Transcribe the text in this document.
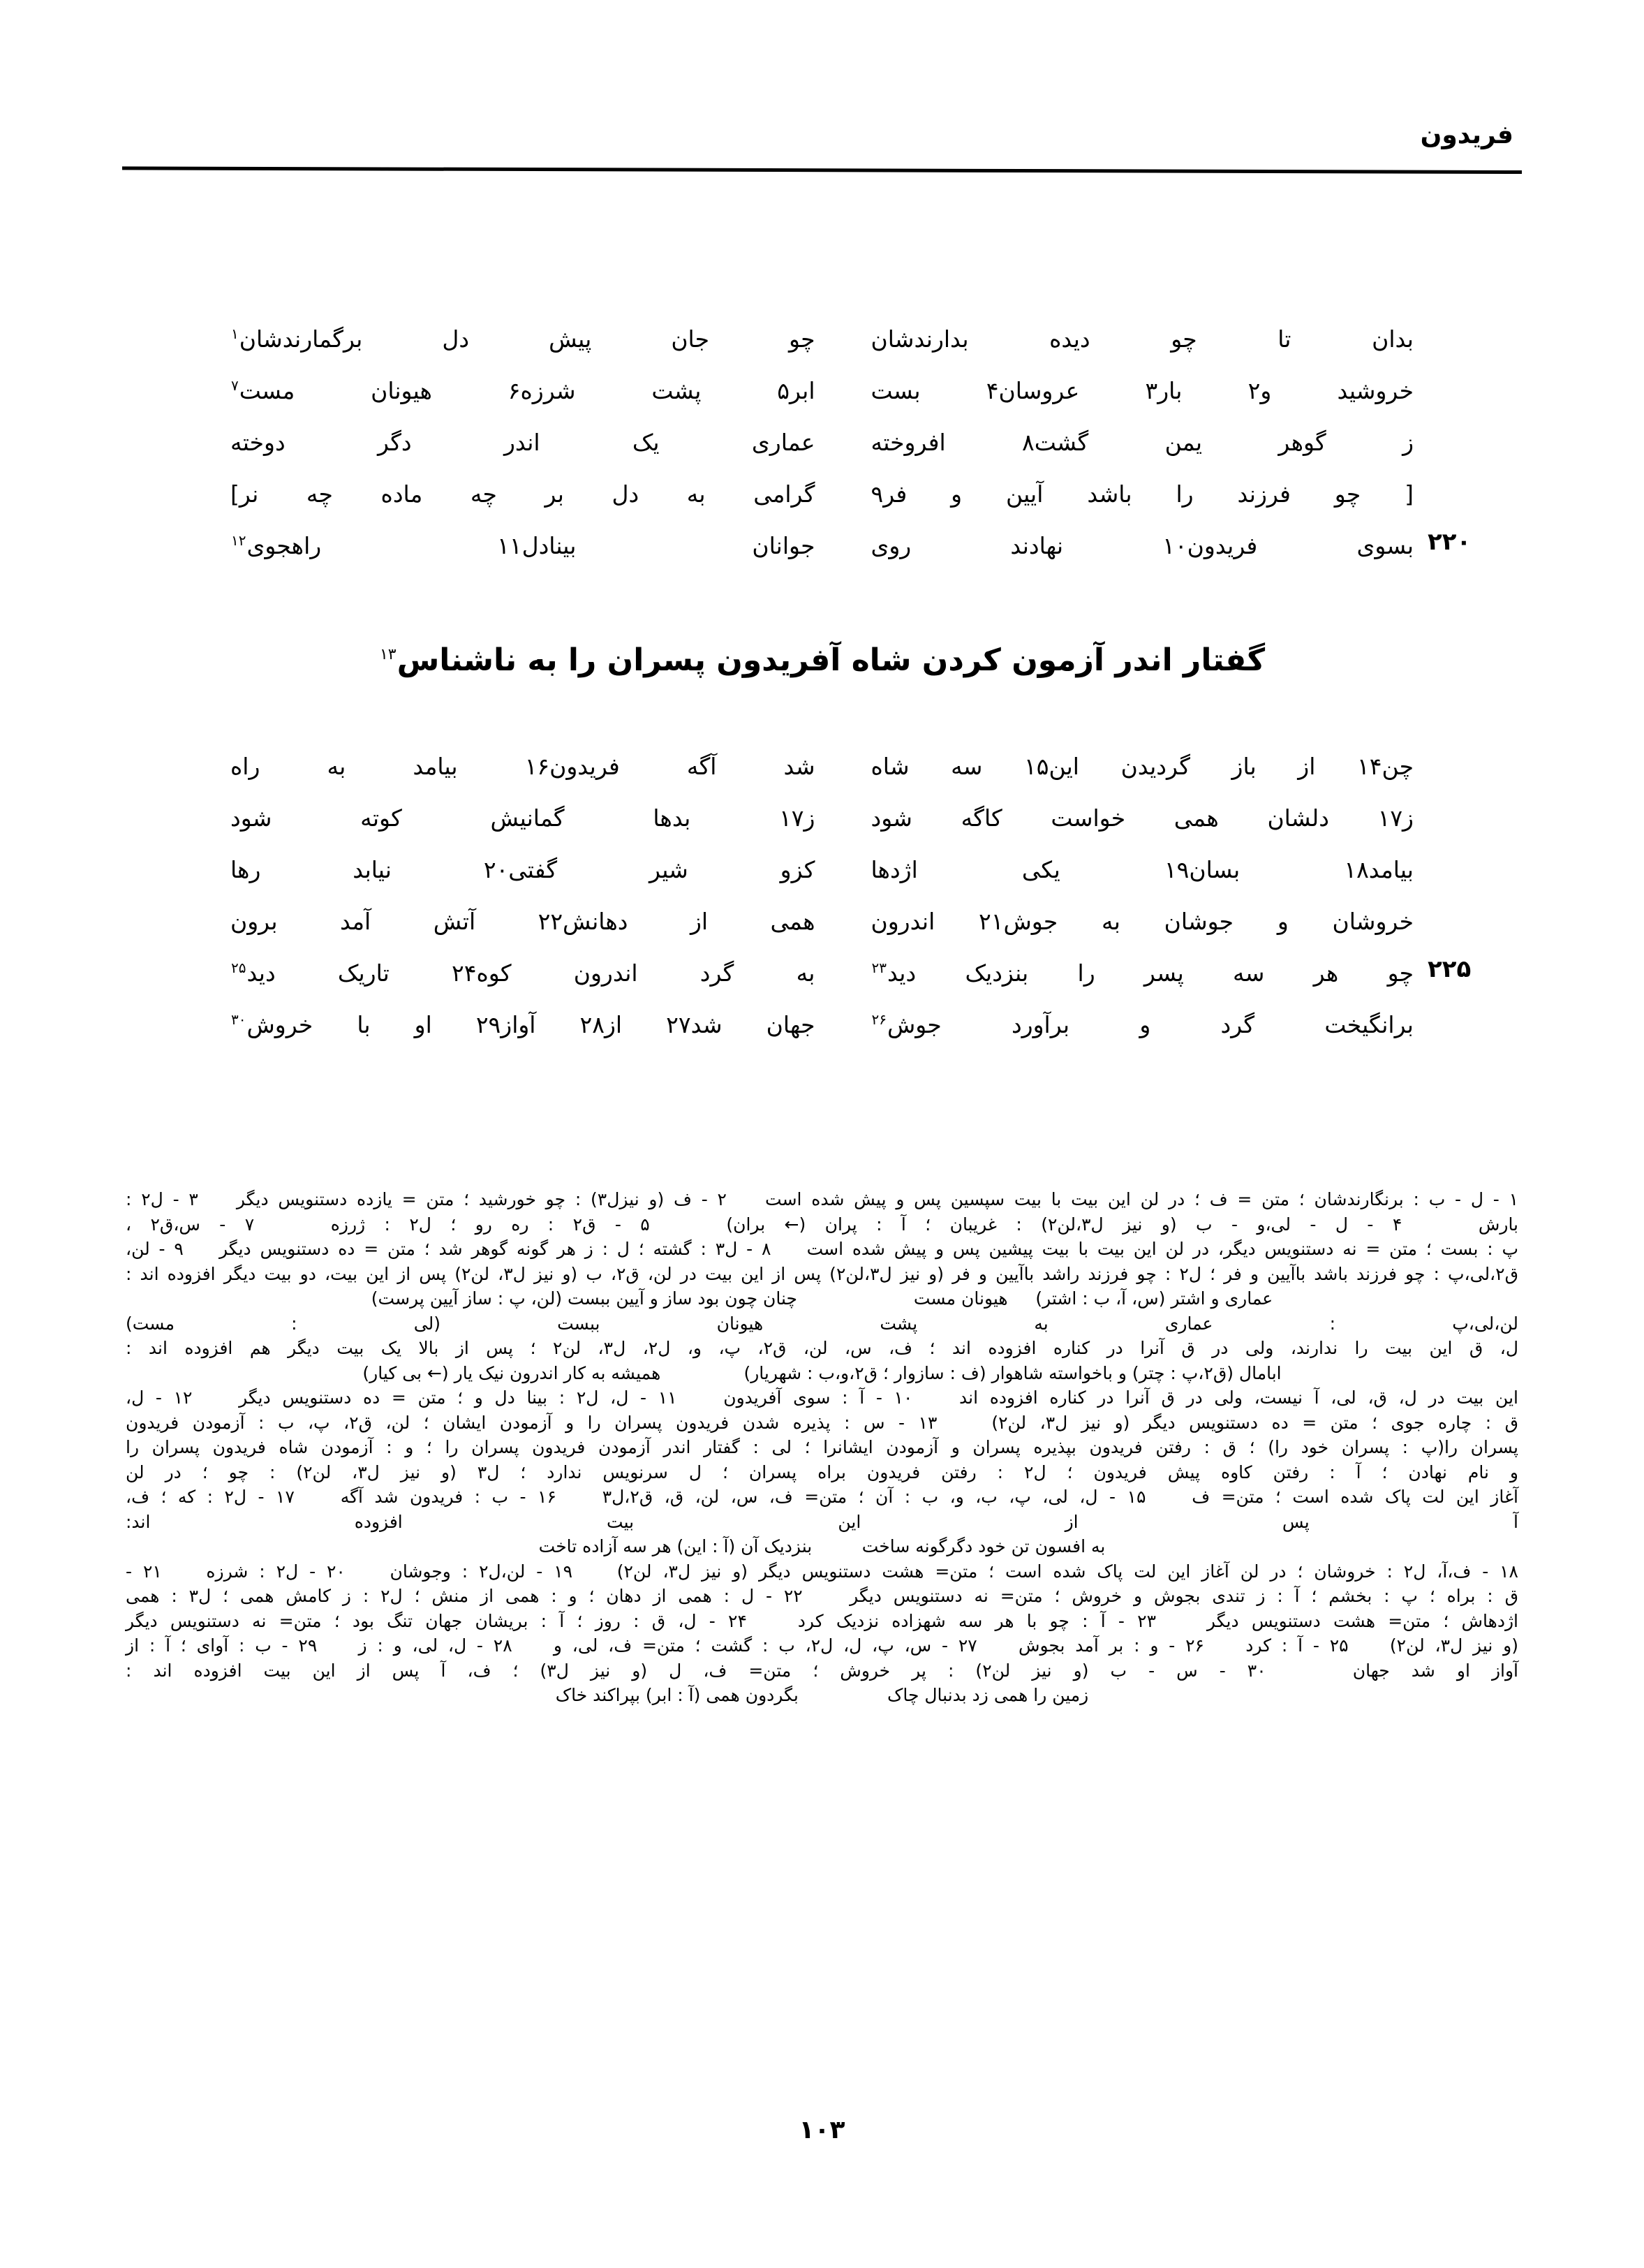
فریدون
بدان تا چو دیده بدارندشان
چو جان پیش دل برگمارندشان$^۱$
خروشید و۲ بار۳ عروسان۴ بست
ابر۵ پشت شرزه۶ هیونان مست$^۷$
ز گوهر یمن گشت۸ افروخته
عماری یک اندر دگر دوخته
[ چو فرزند را باشد آیین و فر۹
گرامی به دل بر چه ماده چه نر]
۲۲۰
بسوی فریدون۱۰ نهادند روی
جوانان بینادل۱۱ راهجوی$^{۱۲}$
گفتار اندر آزمون کردن شاه آفریدون پسران را به ناشناس$^{۱۳}$
چن۱۴ از باز گردیدن این۱۵ سه شاه
شد آگه فریدون۱۶ بیامد به راه
ز۱۷ دلشان همی خواست کاگه شود
ز۱۷ بدها گمانیش کوته شود
بیامد۱۸ بسان۱۹ یکی اژدها
کزو شیر گفتی۲۰ نیابد رها
خروشان و جوشان به جوش۲۱ اندرون
همی از دهانش۲۲ آتش آمد برون
۲۲۵
چو هر سه پسر را بنزدیک دید$^{۲۳}$
به گرد اندرون کوه۲۴ تاریک دید$^{۲۵}$
برانگیخت گرد و برآورد جوش$^{۲۶}$
جهان شد۲۷ از۲۸ آواز۲۹ او با خروش$^{۳۰}$
۱ - ل - ب : برنگارندشان ؛ متن = ف ؛ در لن این بیت با بیت سپسین پس و پیش شده است    ۲ - ف (و نیزل۳) : چو خورشید ؛ متن = یازده دستنویس دیگر    ۳ - ل۲ :
بارش    ۴ - ل - لی،و - ب (و نیز ل۳،لن۲) : غریبان ؛ آ : پران (← بران)    ۵ - ق۲ : ره رو ؛ ل۲ : ژرزه    ۷ - س،ق۲ ،
پ : بست ؛ متن = نه دستنویس دیگر، در لن این بیت با بیت پیشین پس و پیش شده است    ۸ - ل۳ : گشته ؛ ل : ز هر گونه گوهر شد ؛ متن = ده دستنویس دیگر    ۹ - لن،
ق۲،لی،پ : چو فرزند باشد باآیین و فر ؛ ل۲ : چو فرزند راشد باآیین و فر (و نیز ل۳،لن۲) پس از این بیت در لن، ق۲، ب (و نیز ل۳، لن۲) پس از این بیت، دو بیت دیگر افزوده اند :
عماری و اشتر (س، آ، ب : اشتر)     هیونان مست                     چنان چون بود ساز و آیین ببست (لن، پ : ساز آیین پرست)
لن،لی،پ : عماری به پشت هیونان ببست (لی : مست)
ل، ق این بیت را ندارند، ولی در ق آنرا در کناره افزوده اند ؛ ف، س، لن، ق۲، پ، و، ل۲، ل۳، لن۲ ؛ پس از بالا یک بیت دیگر هم افزوده اند :
ابامال (ق۲،پ : چتر) و باخواسته شاهوار (ف : سازوار ؛ ق۲،و،ب : شهریار)               همیشه به کار اندرون نیک یار (← بی کیار)
این بیت در ل، ق، لی، آ نیست، ولی در ق آنرا در کناره افزوده اند    ۱۰ - آ : سوی آفریدون    ۱۱ - ل، ل۲ : بینا دل و ؛ متن = ده دستنویس دیگر    ۱۲ - ل،
ق : چاره جوی ؛ متن = ده دستنویس دیگر (و نیز ل۳، لن۲)    ۱۳ - س : پذیره شدن فریدون پسران را و آزمودن ایشان ؛ لن، ق۲، پ، ب : آزمودن فریدون
پسران را(پ : پسران خود را) ؛ ق : رفتن فریدون بپذیره پسران و آزمودن ایشانرا ؛ لی : گفتار اندر آزمودن فریدون پسران را ؛ و : آزمودن شاه فریدون پسران را
و نام نهادن ؛ آ : رفتن کاوه پیش فریدون ؛ ل۲ : رفتن فریدون براه پسران ؛ ل سرنویس ندارد ؛ ل۳ (و نیز ل۳، لن۲) : چو ؛ در لن
آغاز این لت پاک شده است ؛ متن= ف    ۱۵ - ل، لی، پ، ب، و، ب : آن ؛ متن= ف، س، لن، ق، ق۲،ل۳    ۱۶ - ب : فریدون شد آگه    ۱۷ - ل۲ : که ؛ ف،
آ پس از این بیت افزوده اند:
به افسون تن خود دگرگونه ساخت         بنزدیک آن (آ : این) هر سه آزاده تاخت
۱۸ - ف،آ، ل۲ : خروشان ؛ در لن آغاز این لت پاک شده است ؛ متن= هشت دستنویس دیگر (و نیز ل۳، لن۲)    ۱۹ - لن،ل۲ : وجوشان    ۲۰ - ل۲ : شرزه    ۲۱ -
ق : براه ؛ پ : بخشم ؛ آ : ز تندی بجوش و خروش ؛ متن= نه دستنویس دیگر    ۲۲ - ل : همی از دهان ؛ و : همی از منش ؛ ل۲ : ز کامش همی ؛ ل۳ : همی
اژدهاش ؛ متن= هشت دستنویس دیگر    ۲۳ - آ : چو با هر سه شهزاده نزدیک کرد    ۲۴ - ل، ق : روز ؛ آ : بریشان جهان تنگ بود ؛ متن= نه دستنویس دیگر
(و نیز ل۳، لن۲)    ۲۵ - آ : کرد    ۲۶ - و : بر آمد بجوش    ۲۷ - س، پ، ل، ل۲، ب : گشت ؛ متن= ف، لی، و    ۲۸ - ل، لی، و : ز    ۲۹ - ب : آوای ؛ آ : از
آواز او شد جهان    ۳۰ - س - ب (و نیز لن۲) : پر خروش ؛ متن= ف، ل (و نیز ل۳) ؛ ف، آ پس از این بیت افزوده اند :
زمین را همی زد بدنبال چاک                بگردون همی (آ : ابر) بپراکند خاک
۱۰۳
